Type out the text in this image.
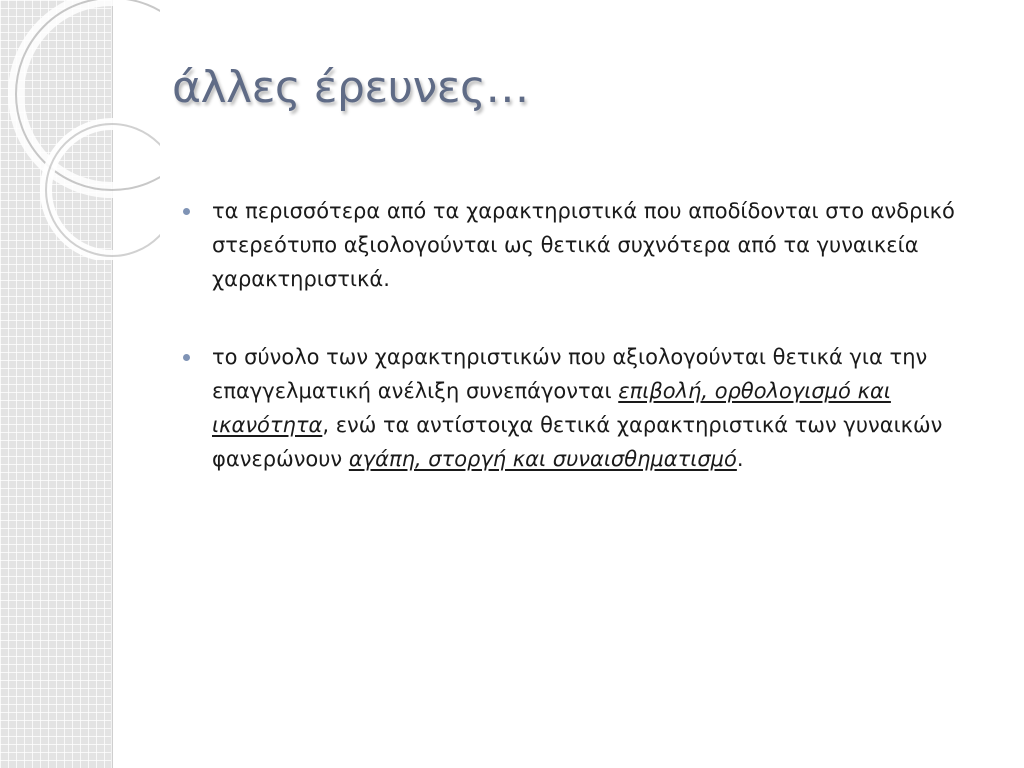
άλλες έρευνες…
τα περισσότερα από τα χαρακτηριστικά που αποδίδονται στο ανδρικό στερεότυπο αξιολογούνται ως θετικά συχνότερα από τα γυναικεία χαρακτηριστικά.
το σύνολο των χαρακτηριστικών που αξιολογούνται θετικά για την επαγγελματική ανέλιξη συνεπάγονται επιβολή, ορθολογισμό και ικανότητα, ενώ τα αντίστοιχα θετικά χαρακτηριστικά των γυναικών φανερώνουν αγάπη, στοργή και συναισθηματισμό.
